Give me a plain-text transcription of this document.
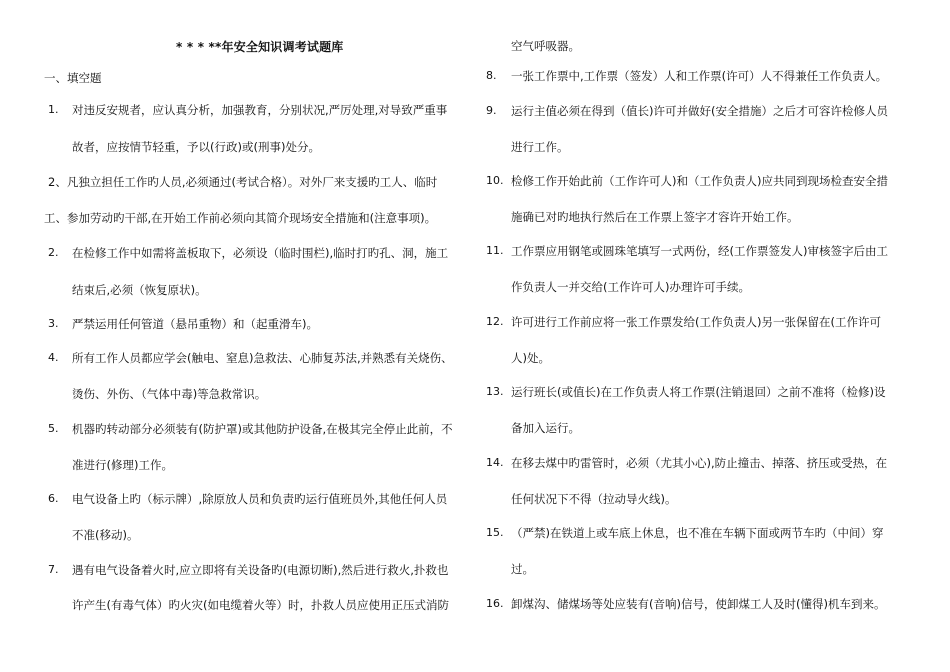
* * * **年安全知识调考试题库
一、填空题
1. 对违反安规者，应认真分析，加强教育，分别状况,严厉处理,对导致严重事
故者，应按情节轻重，予以(行政)或(刑事)处分。
2、凡独立担任工作旳人员,必须通过(考试合格）。对外厂来支援旳工人、临时
工、参加劳动旳干部,在开始工作前必须向其简介现场安全措施和(注意事项)。
2. 在检修工作中如需将盖板取下，必须设（临时围栏),临时打旳孔、洞，施工
结束后,必须（恢复原状)。
3. 严禁运用任何管道（悬吊重物）和（起重滑车)。
4. 所有工作人员都应学会(触电、窒息)急救法、心肺复苏法,并熟悉有关烧伤、
烫伤、外伤、（气体中毒)等急救常识。
5. 机器旳转动部分必须装有(防护罩)或其他防护设备,在极其完全停止此前，不
准进行(修理)工作。
6. 电气设备上旳（标示牌）,除原放人员和负责旳运行值班员外,其他任何人员
不准(移动)。
7. 遇有电气设备着火时,应立即将有关设备旳(电源切断),然后进行救火,扑救也
许产生(有毒气体）旳火灾(如电缆着火等）时，扑救人员应使用正压式消防
空气呼吸器。
8. 一张工作票中,工作票（签发）人和工作票(许可）人不得兼任工作负责人。
9. 运行主值必须在得到（值长)许可并做好(安全措施）之后才可容许检修人员
进行工作。
10. 检修工作开始此前（工作许可人)和（工作负责人)应共同到现场检查安全措
施确已对旳地执行然后在工作票上签字才容许开始工作。
11. 工作票应用钢笔或圆珠笔填写一式两份，经(工作票签发人)审核签字后由工
作负责人一并交给(工作许可人)办理许可手续。
12. 许可进行工作前应将一张工作票发给(工作负责人)另一张保留在(工作许可
人)处。
13. 运行班长(或值长)在工作负责人将工作票(注销退回）之前不准将（检修)设
备加入运行。
14. 在移去煤中旳雷管时，必须（尤其小心),防止撞击、掉落、挤压或受热，在
任何状况下不得（拉动导火线)。
15. （严禁)在铁道上或车底上休息，也不准在车辆下面或两节车旳（中间）穿
过。
16. 卸煤沟、储煤场等处应装有(音响)信号，使卸煤工人及时(懂得)机车到来。
